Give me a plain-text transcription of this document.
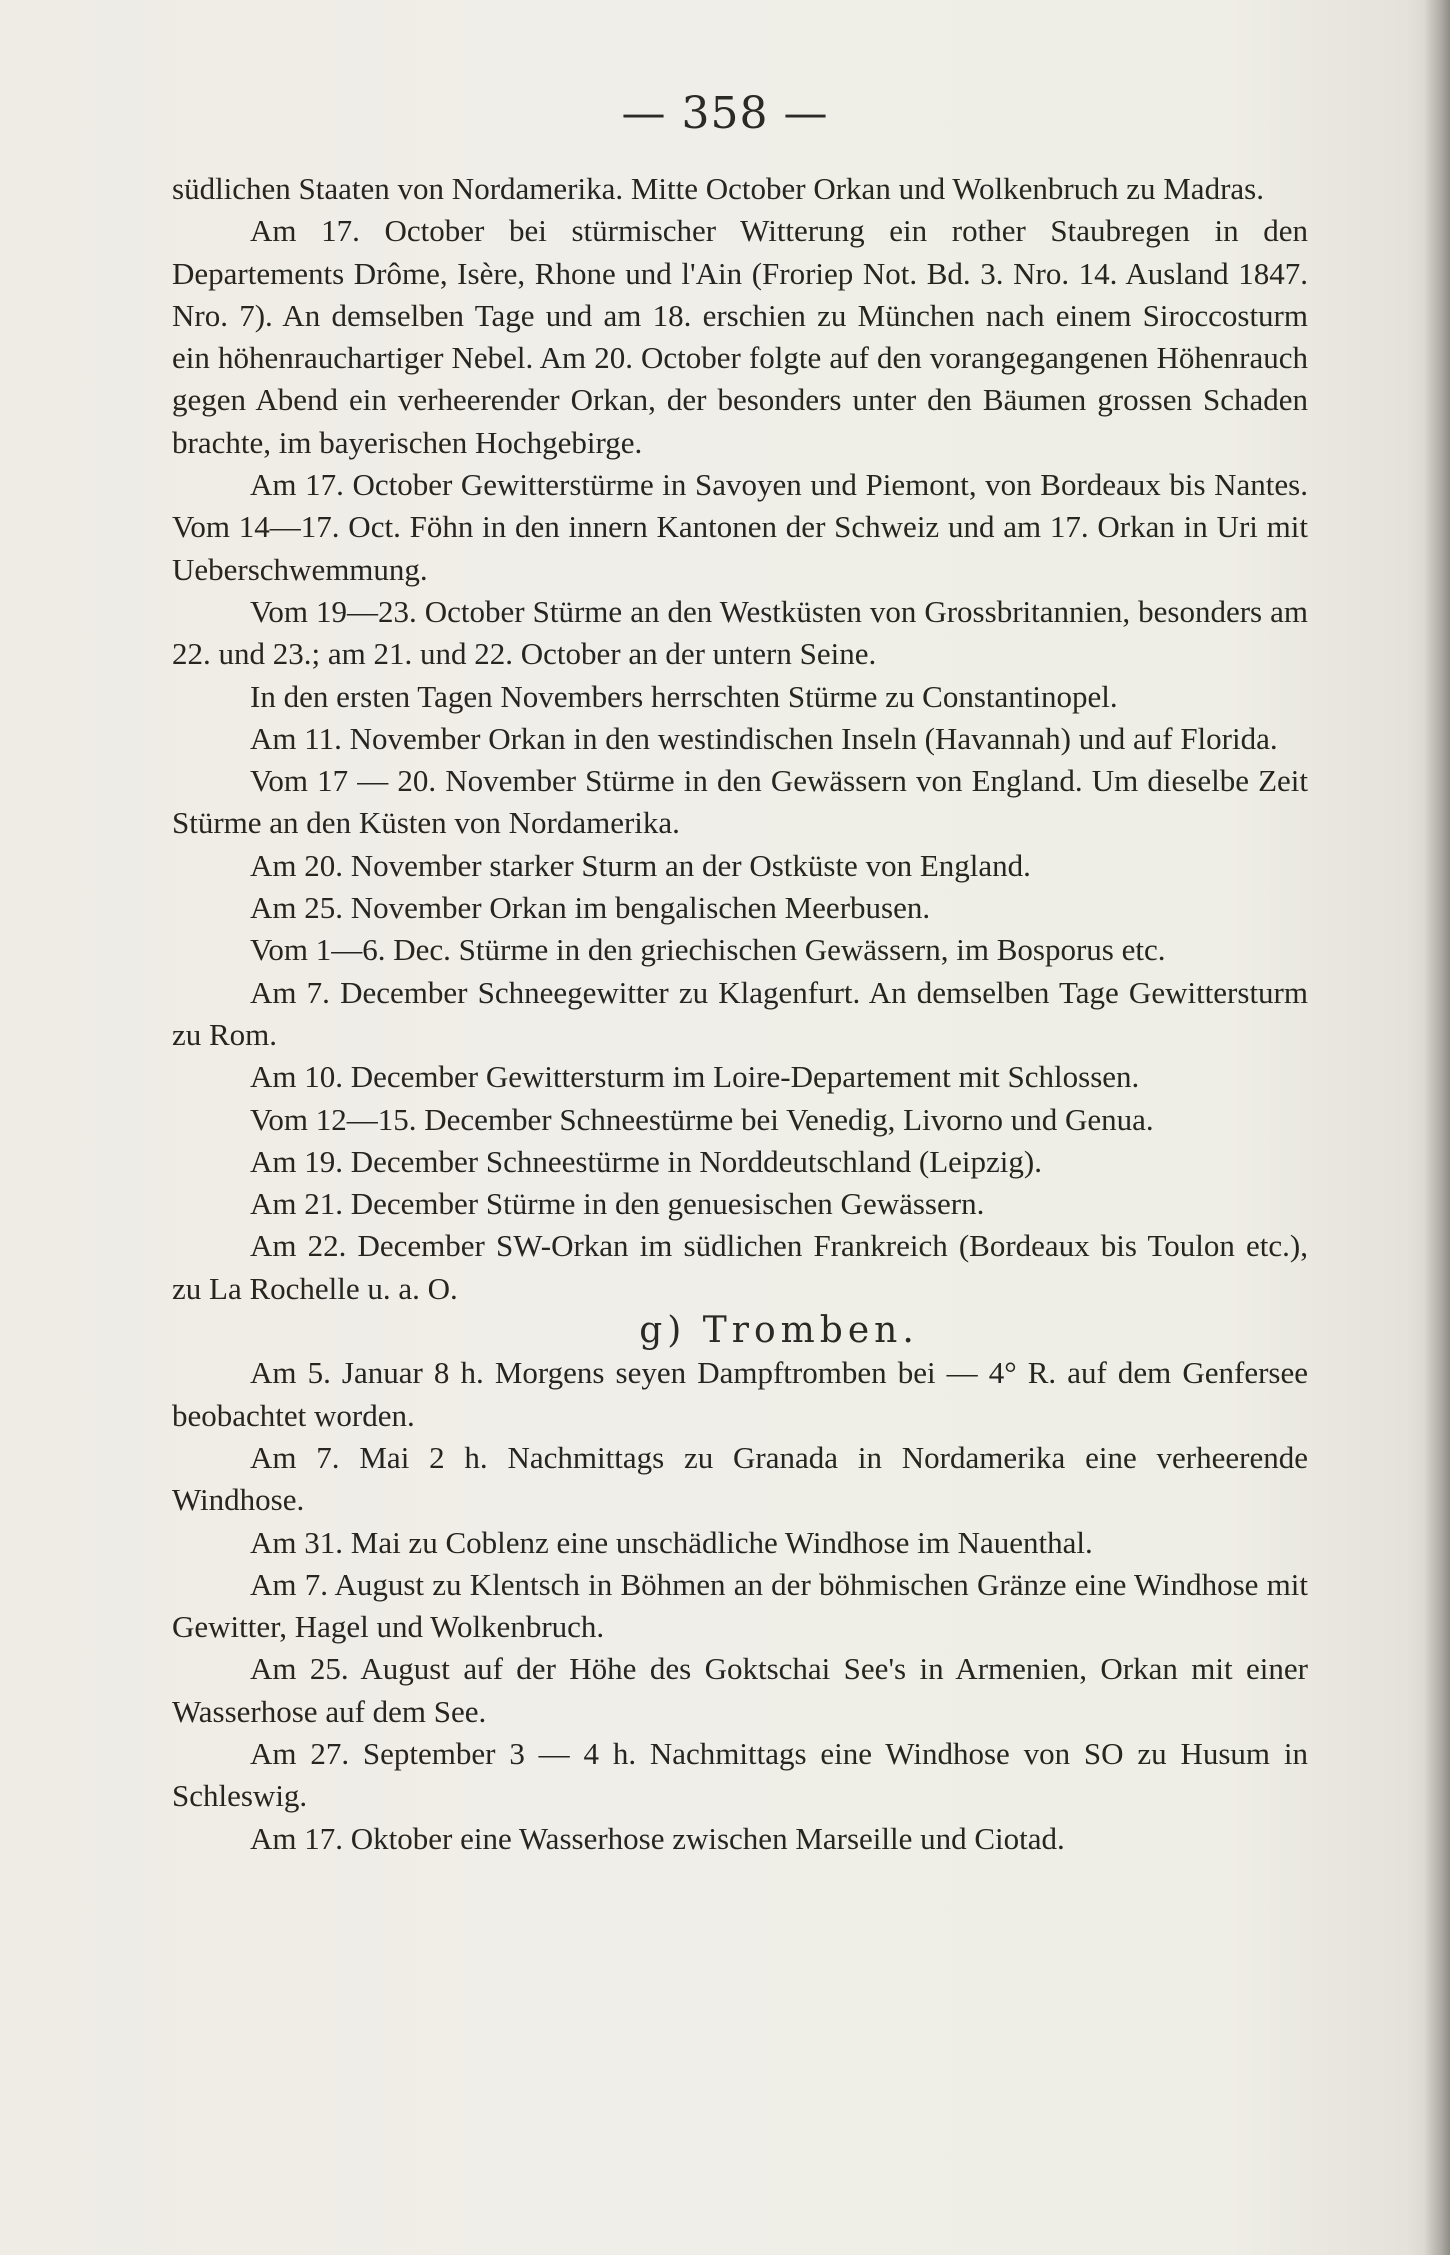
— 358 —

südlichen Staaten von Nordamerika. Mitte October Orkan und Wolkenbruch zu Madras.

Am 17. October bei stürmischer Witterung ein rother Staubregen in den Departements Drôme, Isère, Rhone und l'Ain (Froriep Not. Bd. 3. Nro. 14. Ausland 1847. Nro. 7). An demselben Tage und am 18. erschien zu München nach einem Siroccosturm ein höhenrauchartiger Nebel. Am 20. October folgte auf den vorangegangenen Höhenrauch gegen Abend ein verheerender Orkan, der besonders unter den Bäumen grossen Schaden brachte, im bayerischen Hochgebirge.

Am 17. October Gewitterstürme in Savoyen und Piemont, von Bordeaux bis Nantes. Vom 14—17. Oct. Föhn in den innern Kantonen der Schweiz und am 17. Orkan in Uri mit Ueberschwemmung.

Vom 19—23. October Stürme an den Westküsten von Grossbritannien, besonders am 22. und 23.; am 21. und 22. October an der untern Seine.

In den ersten Tagen Novembers herrschten Stürme zu Constantinopel.

Am 11. November Orkan in den westindischen Inseln (Havannah) und auf Florida.

Vom 17 — 20. November Stürme in den Gewässern von England. Um dieselbe Zeit Stürme an den Küsten von Nordamerika.

Am 20. November starker Sturm an der Ostküste von England.

Am 25. November Orkan im bengalischen Meerbusen.

Vom 1—6. Dec. Stürme in den griechischen Gewässern, im Bosporus etc.

Am 7. December Schneegewitter zu Klagenfurt. An demselben Tage Gewittersturm zu Rom.

Am 10. December Gewittersturm im Loire-Departement mit Schlossen.

Vom 12—15. December Schneestürme bei Venedig, Livorno und Genua.

Am 19. December Schneestürme in Norddeutschland (Leipzig).

Am 21. December Stürme in den genuesischen Gewässern.

Am 22. December SW-Orkan im südlichen Frankreich (Bordeaux bis Toulon etc.), zu La Rochelle u. a. O.

g) Tromben.

Am 5. Januar 8 h. Morgens seyen Dampftromben bei — 4° R. auf dem Genfersee beobachtet worden.

Am 7. Mai 2 h. Nachmittags zu Granada in Nordamerika eine verheerende Windhose.

Am 31. Mai zu Coblenz eine unschädliche Windhose im Nauenthal.

Am 7. August zu Klentsch in Böhmen an der böhmischen Gränze eine Windhose mit Gewitter, Hagel und Wolkenbruch.

Am 25. August auf der Höhe des Goktschai See's in Armenien, Orkan mit einer Wasserhose auf dem See.

Am 27. September 3 — 4 h. Nachmittags eine Windhose von SO zu Husum in Schleswig.

Am 17. Oktober eine Wasserhose zwischen Marseille und Ciotad.
